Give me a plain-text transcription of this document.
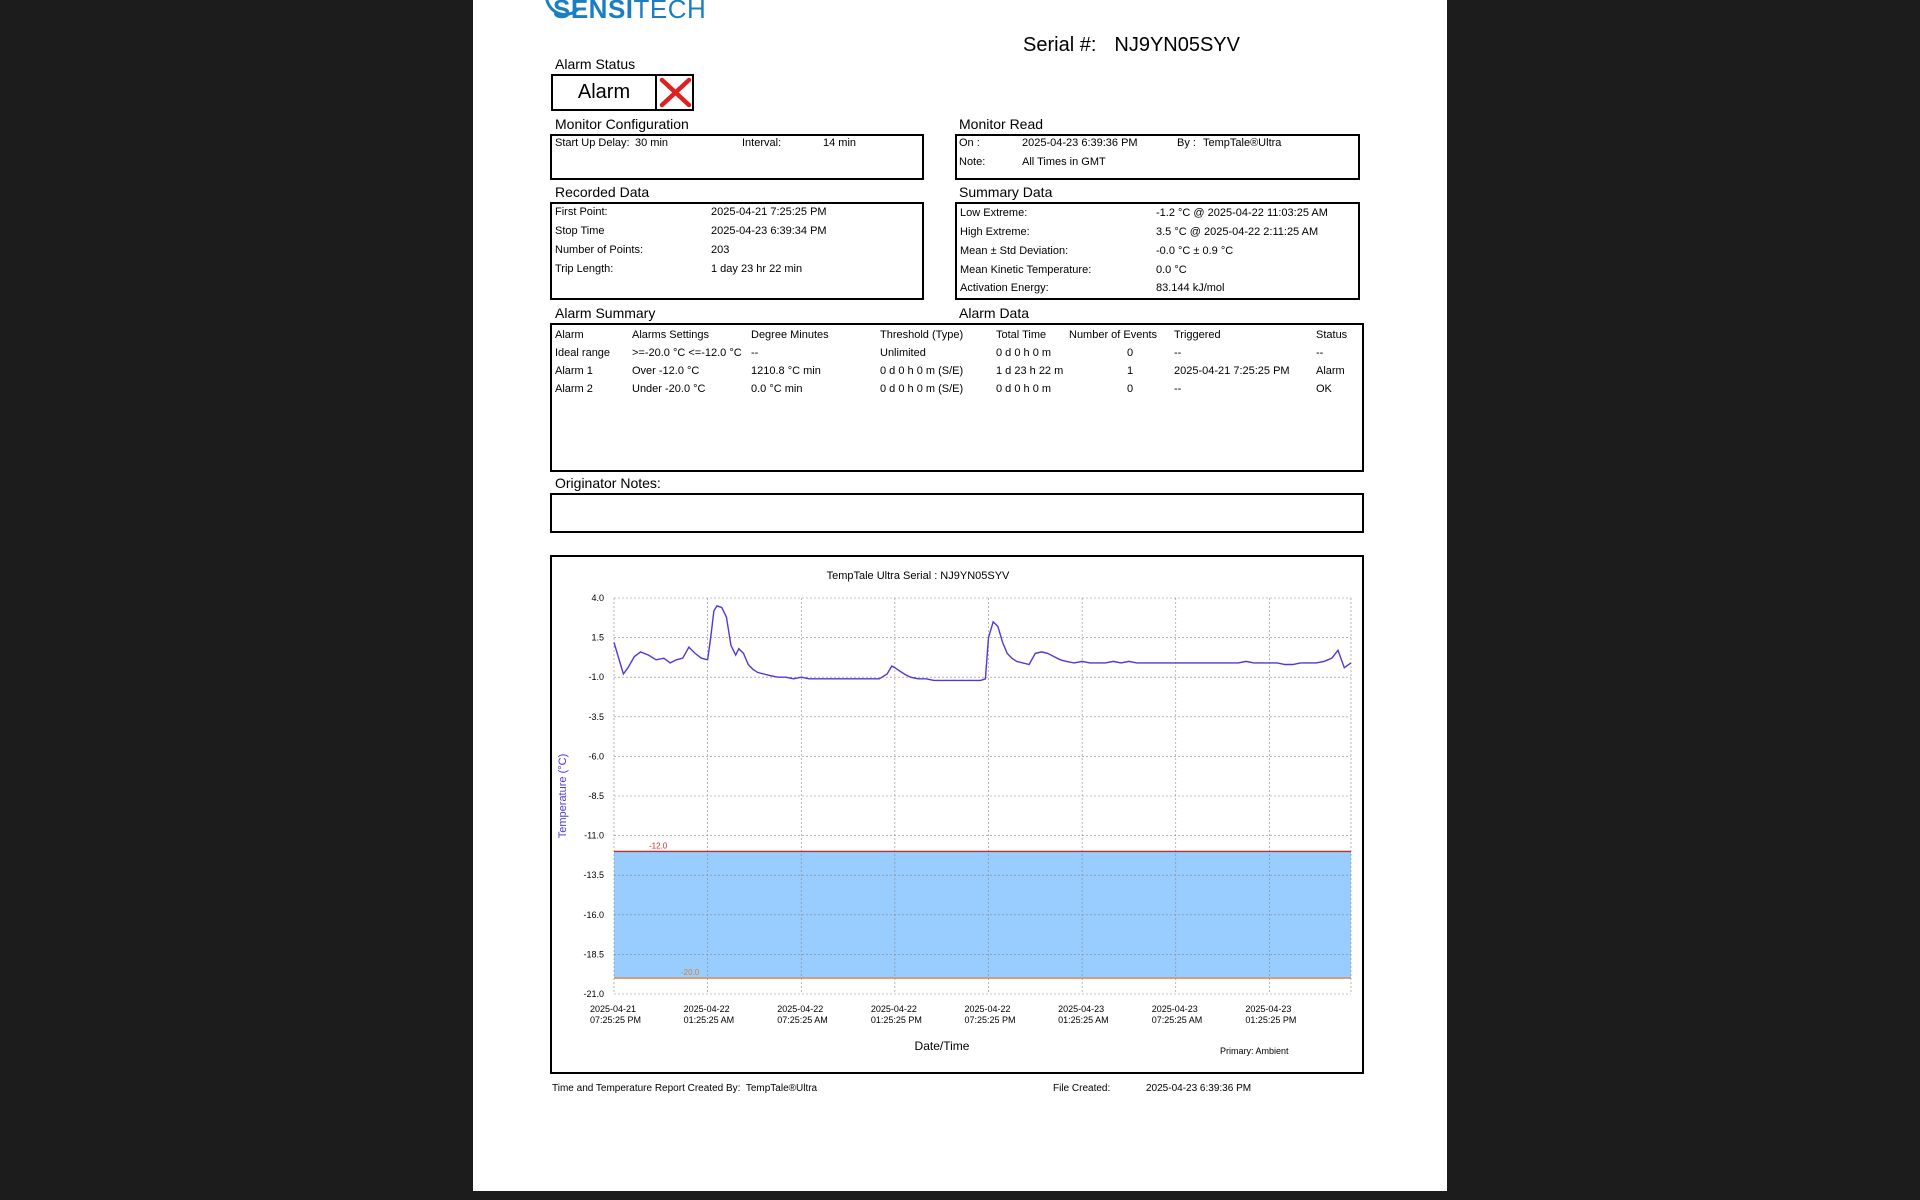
SENSITECH
Serial #: NJ9YN05SYV
Alarm Status
Alarm
Monitor Configuration
Start Up Delay: 30 min	Interval:	14 min
Monitor Read
On :	2025-04-23 6:39:36 PM	By : TempTale®Ultra
Note:	All Times in GMT
Recorded Data
First Point:	2025-04-21 7:25:25 PM
Stop Time	2025-04-23 6:39:34 PM
Number of Points:	203
Trip Length:	1 day 23 hr 22 min
Summary Data
Low Extreme:	-1.2 °C @ 2025-04-22 11:03:25 AM
High Extreme:	3.5 °C @ 2025-04-22 2:11:25 AM
Mean ± Std Deviation:	-0.0 °C ± 0.9 °C
Mean Kinetic Temperature:	0.0 °C
Activation Energy:	83.144 kJ/mol
Alarm Summary	Alarm Data
Alarm	Alarms Settings	Degree Minutes	Threshold (Type)	Total Time	Number of Events	Triggered	Status
Ideal range	>=-20.0 °C <=-12.0 °C	--	Unlimited	0 d 0 h 0 m	0	--	--
Alarm 1	Over -12.0 °C	1210.8 °C min	0 d 0 h 0 m (S/E)	1 d 23 h 22 m	1	2025-04-21 7:25:25 PM	Alarm
Alarm 2	Under -20.0 °C	0.0 °C min	0 d 0 h 0 m (S/E)	0 d 0 h 0 m	0	--	OK
Originator Notes:
TempTale Ultra Serial : NJ9YN05SYV
4.0
1.5
-1.0
-3.5
-6.0
-8.5
-11.0
-13.5
-16.0
-18.5
-21.0
2025-04-21
07:25:25 PM
2025-04-22
01:25:25 AM
2025-04-22
07:25:25 AM
2025-04-22
01:25:25 PM
2025-04-22
07:25:25 PM
2025-04-23
01:25:25 AM
2025-04-23
07:25:25 AM
2025-04-23
01:25:25 PM
-12.0
-20.0
Temperature (°C)
Date/Time	Primary: Ambient
Time and Temperature Report Created By: TempTale®Ultra	File Created:	2025-04-23 6:39:36 PM
